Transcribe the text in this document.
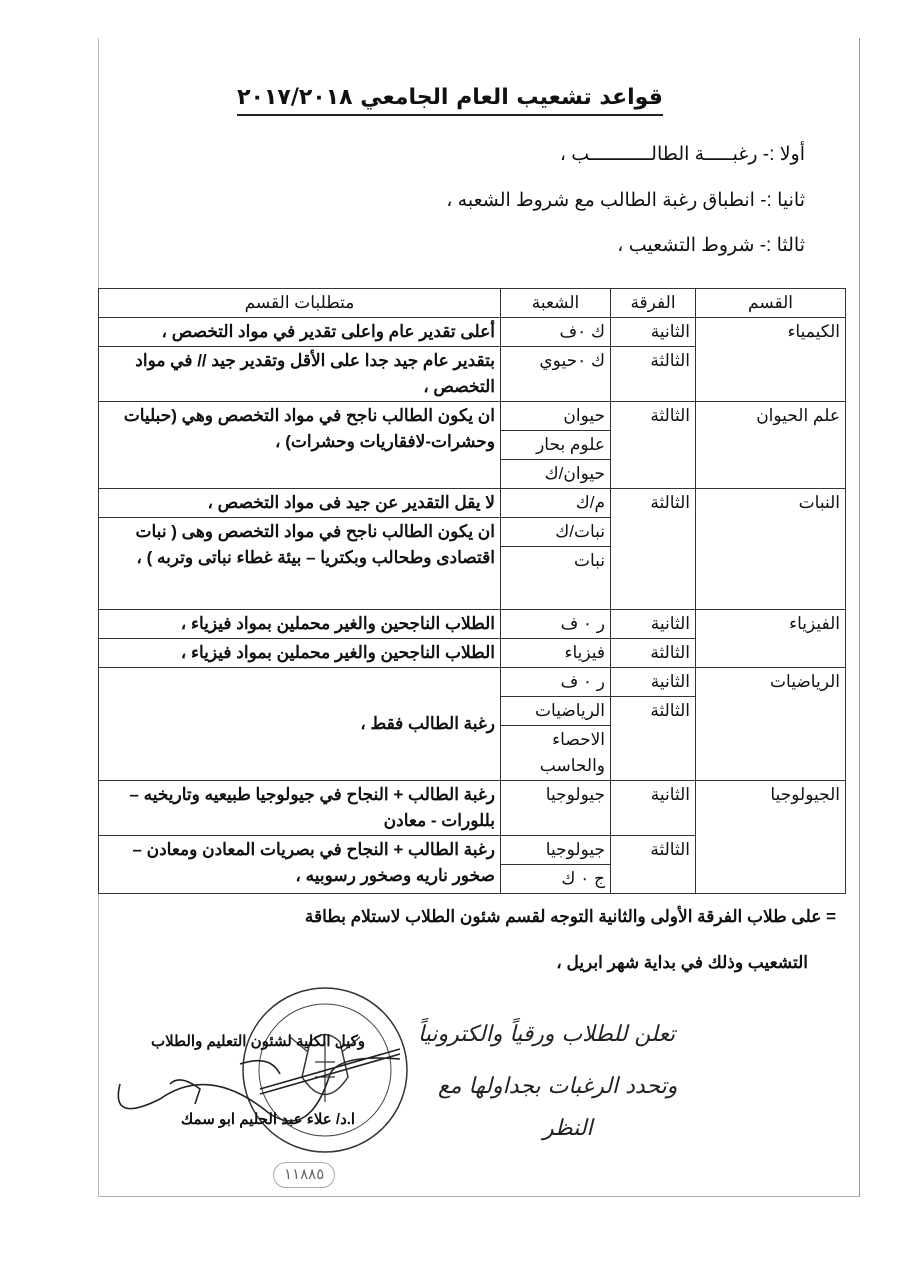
قواعد تشعيب العام الجامعي ٢٠١٧/٢٠١٨
أولا :- رغبـــــة الطالـــــــــــب ،
ثانيا :- انطباق رغبة الطالب مع شروط الشعبه ،
ثالثا :- شروط التشعيب ،
القسم	الفرقة	الشعبة	متطلبات القسم
الكيمياء	الثانية	ك ٠ف	أعلى تقدير عام واعلى تقدير في مواد التخصص ،
	الثالثة	ك ٠حيوي	بتقدير عام جيد جدا على الأقل وتقدير جيد // في مواد التخصص ،
علم الحيوان	الثالثة	حيوان	ان يكون الطالب ناجح في مواد التخصص وهي (حبليات وحشرات-لافقاريات وحشرات) ،
		علوم بحار	
		حيوان/ك	
النبات	الثالثة	م/ك	لا يقل التقدير عن جيد فى مواد التخصص ،
		نبات/ك	ان يكون الطالب ناجح في مواد التخصص وهى ( نبات اقتصادى وطحالب وبكتريا – بيئة غطاء نباتى وتربه ) ،
		نبات	
الفيزياء	الثانية	ر ٠ ف	الطلاب الناجحين والغير محملين بمواد فيزياء ،
	الثالثة	فيزياء	الطلاب الناجحين والغير محملين بمواد فيزياء ،
الرياضيات	الثانية	ر ٠ ف	رغبة الطالب فقط ،
	الثالثة	الرياضيات	
		الاحصاء والحاسب	
الجيولوجيا	الثانية	جيولوجيا	رغبة الطالب + النجاح في جيولوجيا طبيعيه وتاريخيه – بللورات - معادن
	الثالثة	جيولوجيا	رغبة الطالب + النجاح في بصريات المعادن ومعادن – صخور ناريه وصخور رسوبيه ،
		ج ٠ ك	
= على طلاب الفرقة الأولى والثانية التوجه لقسم شئون الطلاب لاستلام بطاقة
التشعيب وذلك في بداية شهر ابريل ،
وكيل الكلية لشئون التعليم والطلاب
ا.د/ علاء عبد الحليم ابو سمك
١١٨٨٥
تعلن للطلاب ورقياً والكترونياً
وتحدد الرغبات بجداولها مع
النظر
